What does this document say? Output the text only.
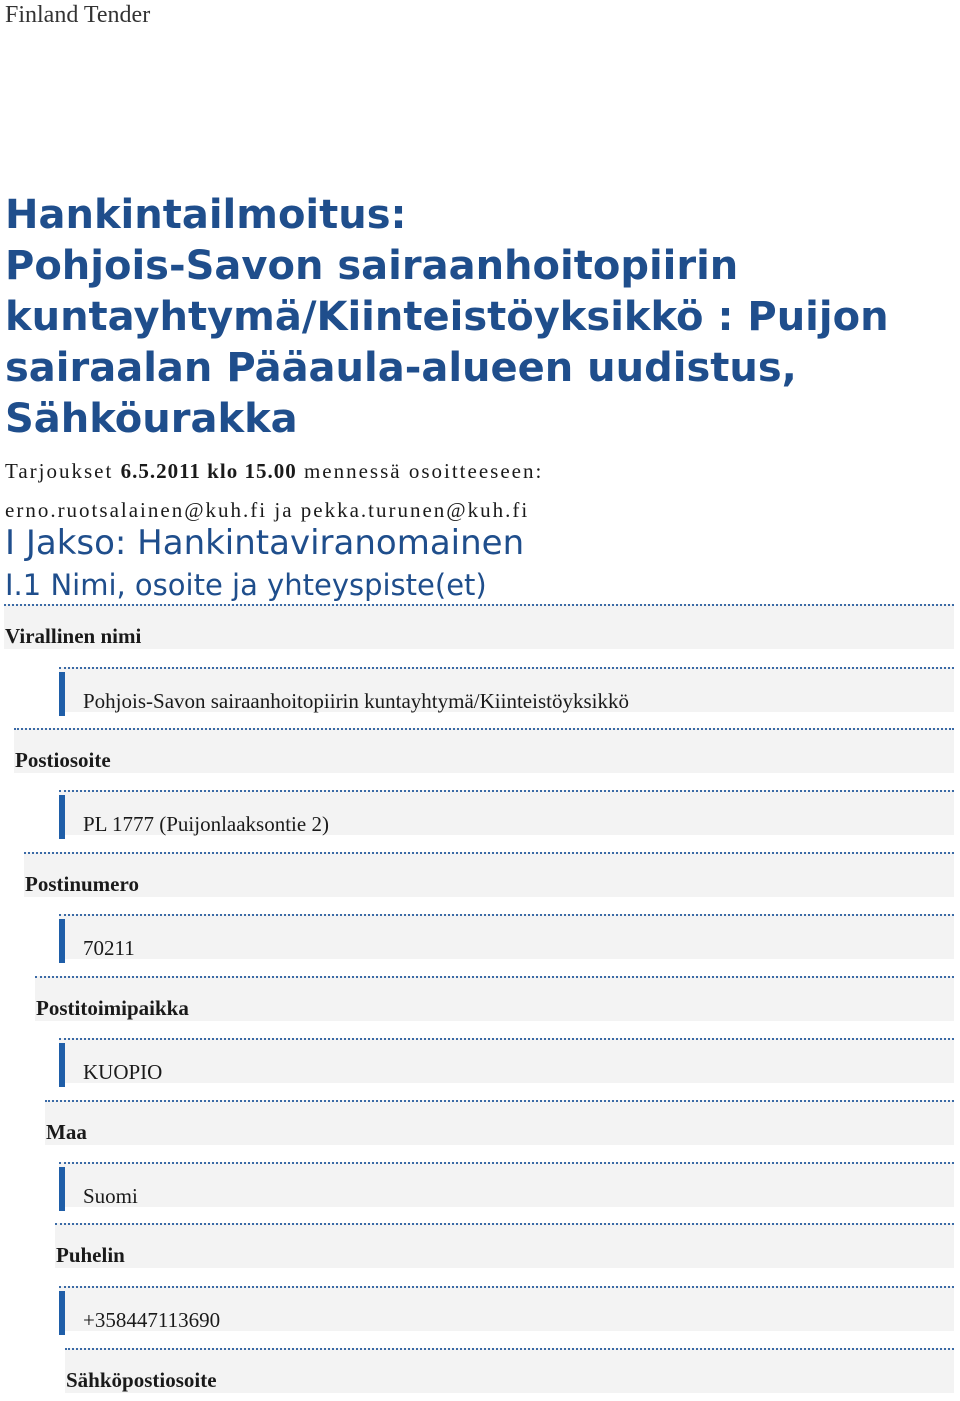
Finland Tender
Hankintailmoitus:
Pohjois-Savon sairaanhoitopiirin
kuntayhtymä/Kiinteistöyksikkö : Puijon
sairaalan Pääaula-alueen uudistus,
Sähköurakka
Tarjoukset 6.5.2011 klo 15.00 mennessä osoitteeseen:
erno.ruotsalainen@kuh.fi ja pekka.turunen@kuh.fi
I Jakso: Hankintaviranomainen
I.1 Nimi, osoite ja yhteyspiste(et)
Virallinen nimi
Pohjois-Savon sairaanhoitopiirin kuntayhtymä/Kiinteistöyksikkö
Postiosoite
PL 1777 (Puijonlaaksontie 2)
Postinumero
70211
Postitoimipaikka
KUOPIO
Maa
Suomi
Puhelin
+358447113690
Sähköpostiosoite
